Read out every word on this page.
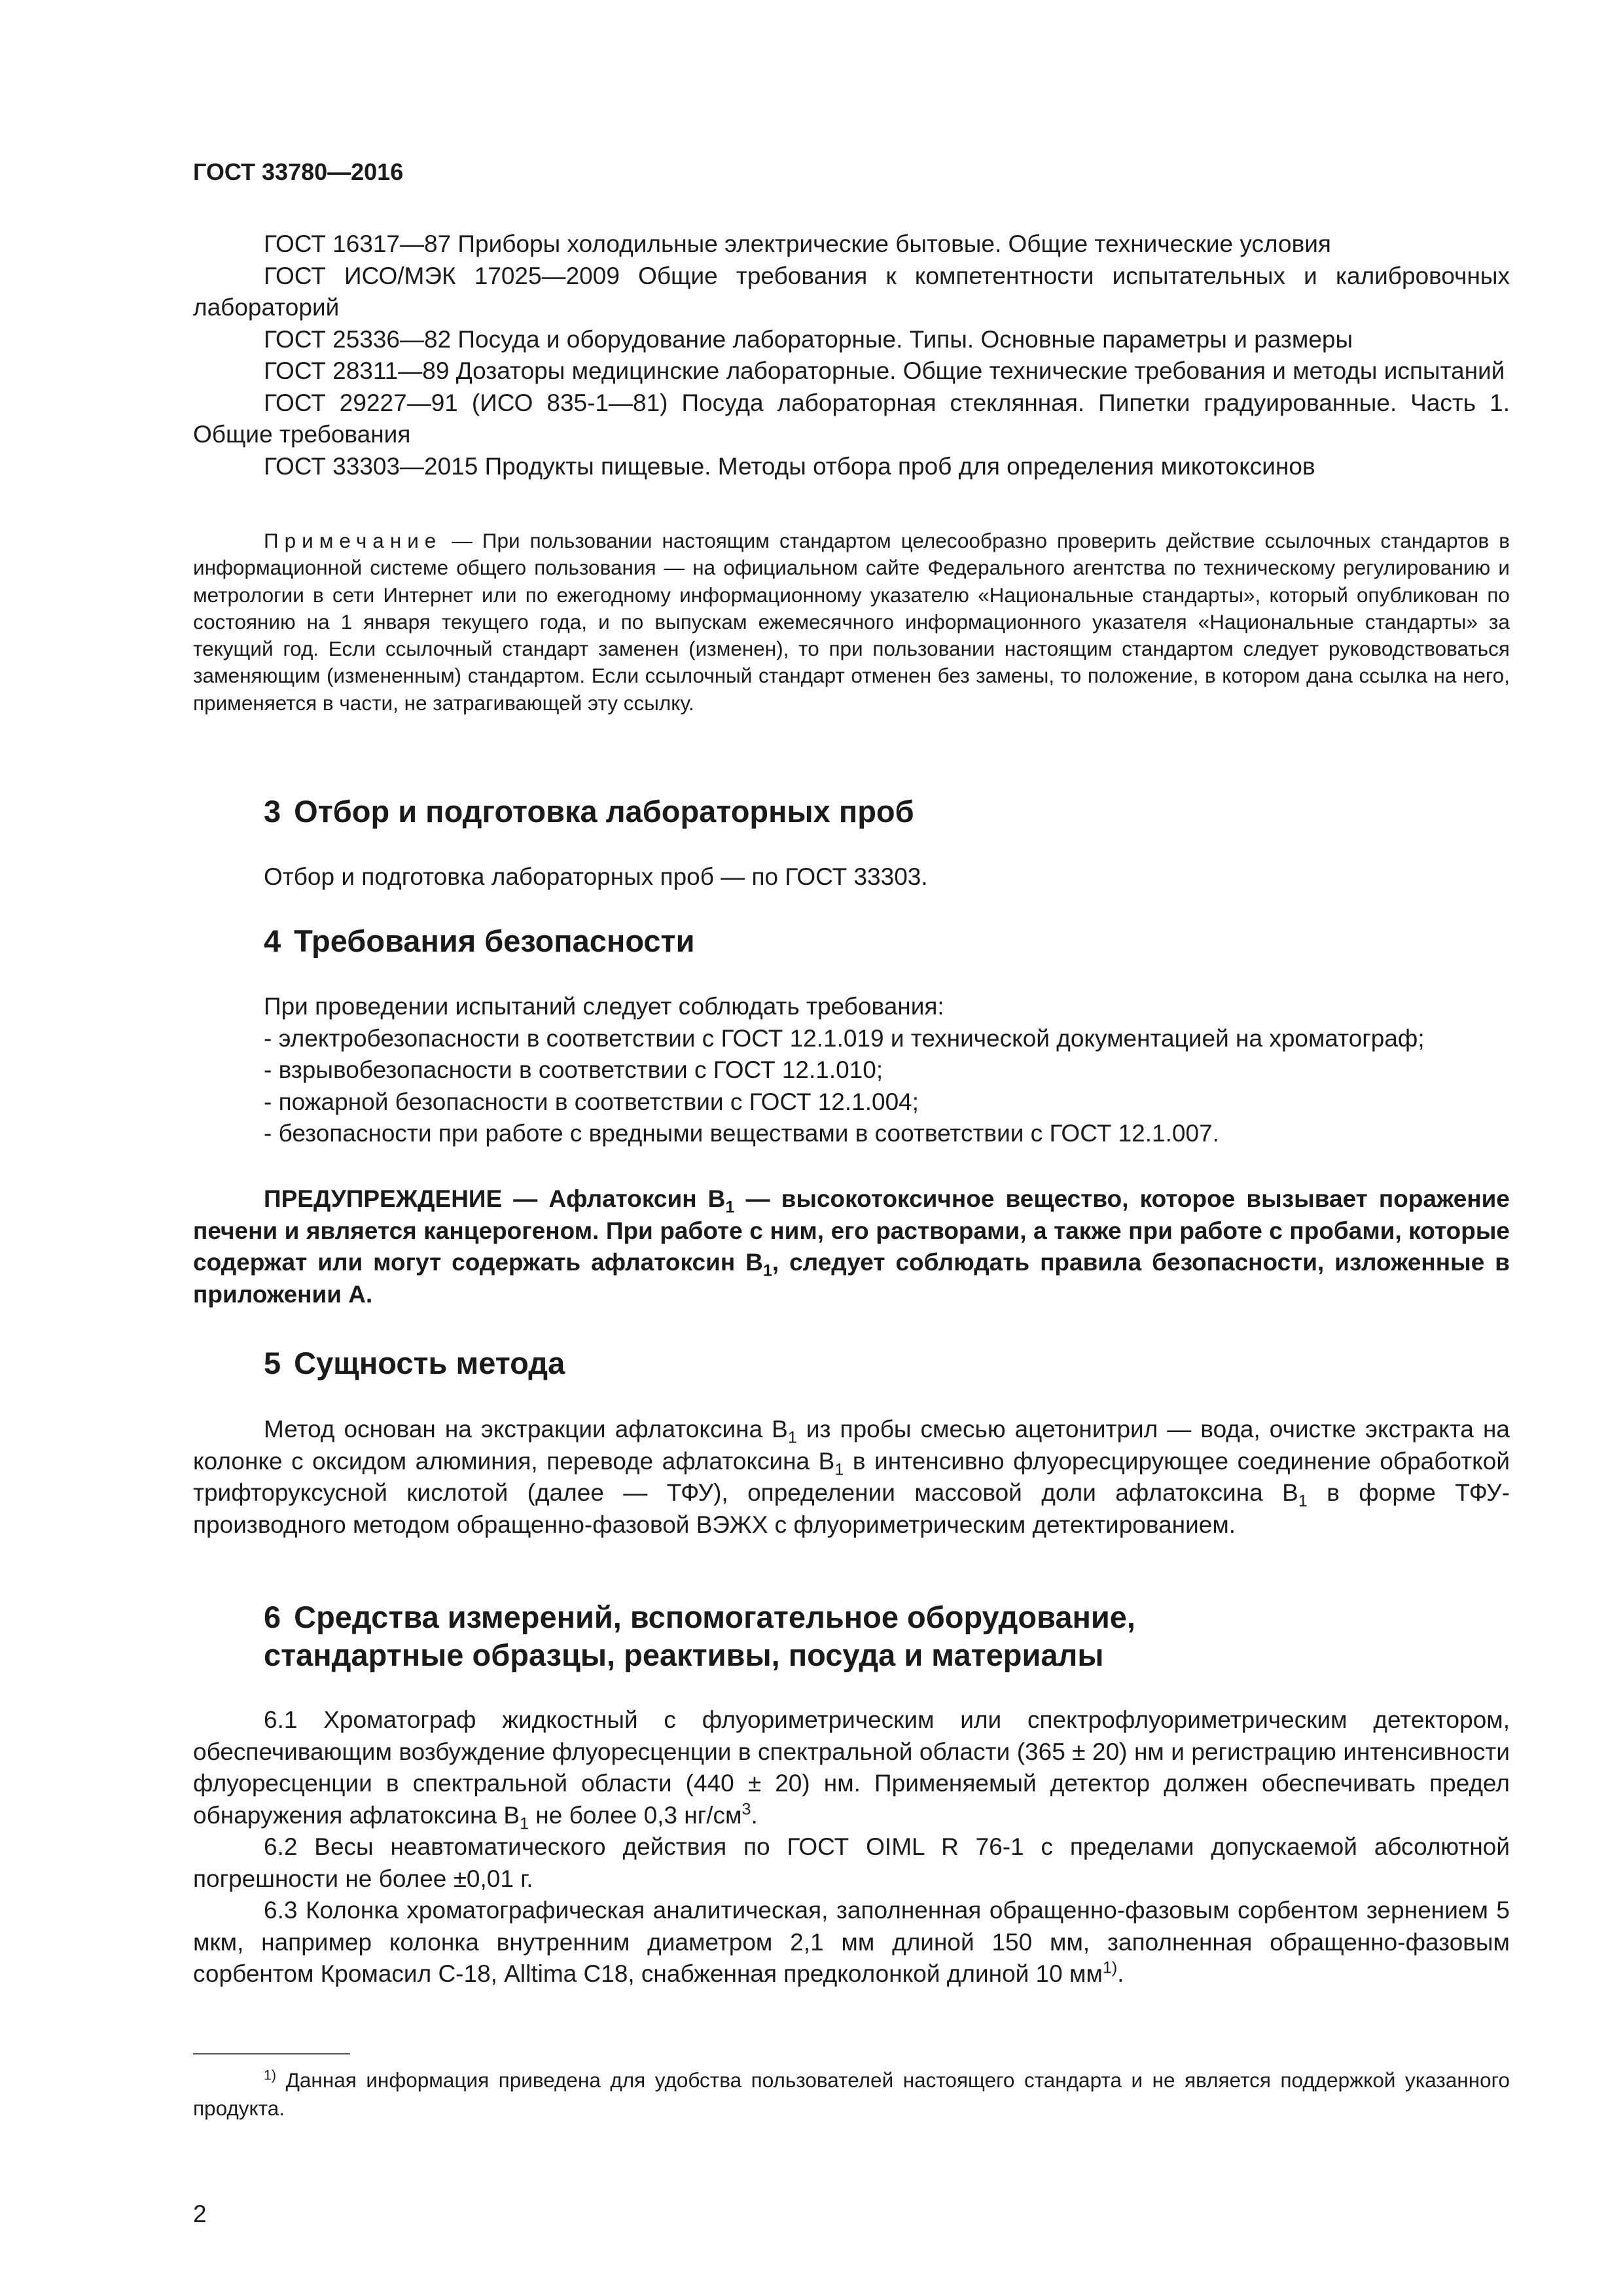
ГОСТ 33780—2016

ГОСТ 16317—87 Приборы холодильные электрические бытовые. Общие технические условия

ГОСТ ИСО/МЭК 17025—2009 Общие требования к компетентности испытательных и калибровочных лабораторий

ГОСТ 25336—82 Посуда и оборудование лабораторные. Типы. Основные параметры и размеры

ГОСТ 28311—89 Дозаторы медицинские лабораторные. Общие технические требования и методы испытаний

ГОСТ 29227—91 (ИСО 835-1—81) Посуда лабораторная стеклянная. Пипетки градуированные. Часть 1. Общие требования

ГОСТ 33303—2015 Продукты пищевые. Методы отбора проб для определения микотоксинов

Примечание — При пользовании настоящим стандартом целесообразно проверить действие ссылочных стандартов в информационной системе общего пользования — на официальном сайте Федерального агентства по техническому регулированию и метрологии в сети Интернет или по ежегодному информационному указателю «Национальные стандарты», который опубликован по состоянию на 1 января текущего года, и по выпускам ежемесячного информационного указателя «Национальные стандарты» за текущий год. Если ссылочный стандарт заменен (изменен), то при пользовании настоящим стандартом следует руководствоваться заменяющим (измененным) стандартом. Если ссылочный стандарт отменен без замены, то положение, в котором дана ссылка на него, применяется в части, не затрагивающей эту ссылку.

3 Отбор и подготовка лабораторных проб

Отбор и подготовка лабораторных проб — по ГОСТ 33303.

4 Требования безопасности

При проведении испытаний следует соблюдать требования:

- электробезопасности в соответствии с ГОСТ 12.1.019 и технической документацией на хроматограф;

- взрывобезопасности в соответствии с ГОСТ 12.1.010;

- пожарной безопасности в соответствии с ГОСТ 12.1.004;

- безопасности при работе с вредными веществами в соответствии с ГОСТ 12.1.007.

ПРЕДУПРЕЖДЕНИЕ — Афлатоксин $B_1$ — высокотоксичное вещество, которое вызывает поражение печени и является канцерогеном. При работе с ним, его растворами, а также при работе с пробами, которые содержат или могут содержать афлатоксин $B_1$, следует соблюдать правила безопасности, изложенные в приложении А.

5 Сущность метода

Метод основан на экстракции афлатоксина $B_1$ из пробы смесью ацетонитрил — вода, очистке экстракта на колонке с оксидом алюминия, переводе афлатоксина $B_1$ в интенсивно флуоресцирующее соединение обработкой трифторуксусной кислотой (далее — ТФУ), определении массовой доли афлатоксина $B_1$ в форме ТФУ-производного методом обращенно-фазовой ВЭЖХ с флуориметрическим детектированием.

6 Средства измерений, вспомогательное оборудование,
стандартные образцы, реактивы, посуда и материалы

6.1 Хроматограф жидкостный с флуориметрическим или спектрофлуориметрическим детектором, обеспечивающим возбуждение флуоресценции в спектральной области (365 ± 20) нм и регистрацию интенсивности флуоресценции в спектральной области (440 ± 20) нм. Применяемый детектор должен обеспечивать предел обнаружения афлатоксина $B_1$ не более 0,3 $нг/см^3$.

6.2 Весы неавтоматического действия по ГОСТ OIML R 76-1 с пределами допускаемой абсолютной погрешности не более ±0,01 г.

6.3 Колонка хроматографическая аналитическая, заполненная обращенно-фазовым сорбентом зернением 5 мкм, например колонка внутренним диаметром 2,1 мм длиной 150 мм, заполненная обращенно-фазовым сорбентом Кромасил С-18, Alltima C18, снабженная предколонкой длиной 10 $мм^{1)}$.

$^{1)}$ Данная информация приведена для удобства пользователей настоящего стандарта и не является поддержкой указанного продукта.

2
